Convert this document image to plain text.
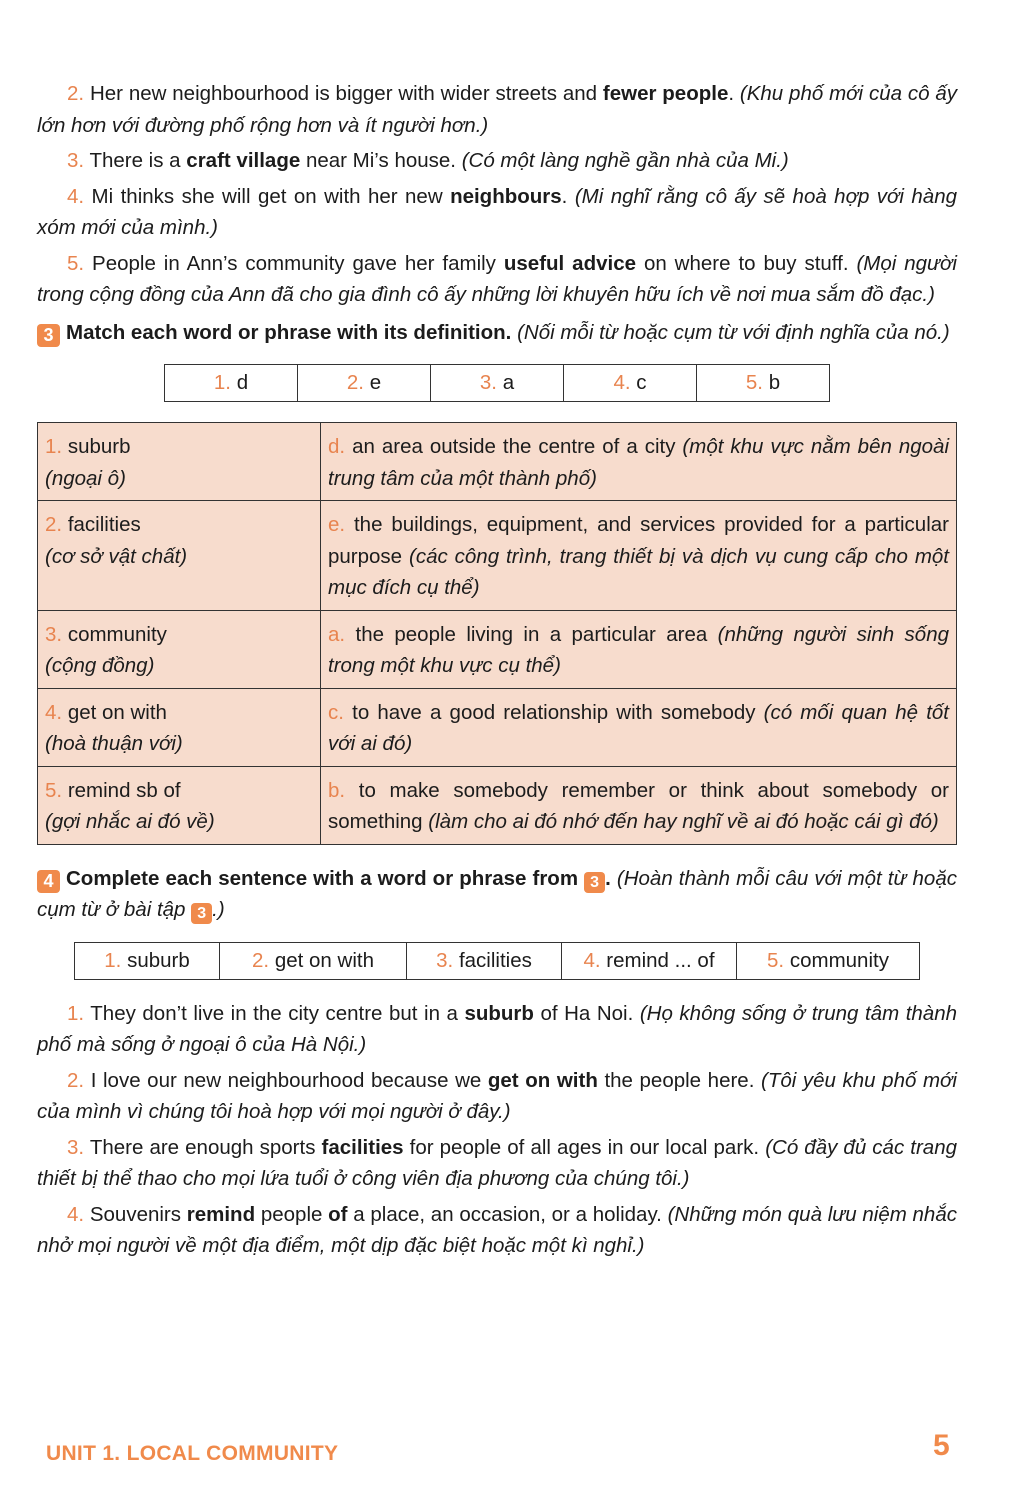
2. Her new neighbourhood is bigger with wider streets and fewer people. (Khu phố mới của cô ấy lớn hơn với đường phố rộng hơn và ít người hơn.)

3. There is a craft village near Mi’s house. (Có một làng nghề gần nhà của Mi.)

4. Mi thinks she will get on with her new neighbours. (Mi nghĩ rằng cô ấy sẽ hoà hợp với hàng xóm mới của mình.)

5. People in Ann’s community gave her family useful advice on where to buy stuff. (Mọi người trong cộng đồng của Ann đã cho gia đình cô ấy những lời khuyên hữu ích về nơi mua sắm đồ đạc.)

3 Match each word or phrase with its definition. (Nối mỗi từ hoặc cụm từ với định nghĩa của nó.)

1. d	2. e	3. a	4. c	5. b
1. suburb
(ngoại ô)	d. an area outside the centre of a city (một khu vực nằm bên ngoài trung tâm của một thành phố)
2. facilities
(cơ sở vật chất)	e. the buildings, equipment, and services provided for a particular purpose (các công trình, trang thiết bị và dịch vụ cung cấp cho một mục đích cụ thể)
3. community
(cộng đồng)	a. the people living in a particular area (những người sinh sống trong một khu vực cụ thể)
4. get on with
(hoà thuận với)	c. to have a good relationship with somebody (có mối quan hệ tốt với ai đó)
5. remind sb of
(gợi nhắc ai đó về)	b. to make somebody remember or think about somebody or something (làm cho ai đó nhớ đến hay nghĩ về ai đó hoặc cái gì đó)

4 Complete each sentence with a word or phrase from 3 . (Hoàn thành mỗi câu với một từ hoặc cụm từ ở bài tập 3 .)

1. suburb	2. get on with	3. facilities	4. remind ... of	5. community

1. They don’t live in the city centre but in a suburb of Ha Noi. (Họ không sống ở trung tâm thành phố mà sống ở ngoại ô của Hà Nội.)

2. I love our new neighbourhood because we get on with the people here. (Tôi yêu khu phố mới của mình vì chúng tôi hoà hợp với mọi người ở đây.)

3. There are enough sports facilities for people of all ages in our local park. (Có đầy đủ các trang thiết bị thể thao cho mọi lứa tuổi ở công viên địa phương của chúng tôi.)

4. Souvenirs remind people of a place, an occasion, or a holiday. (Những món quà lưu niệm nhắc nhở mọi người về một địa điểm, một dịp đặc biệt hoặc một kì nghỉ.)

UNIT 1. LOCAL COMMUNITY	5
